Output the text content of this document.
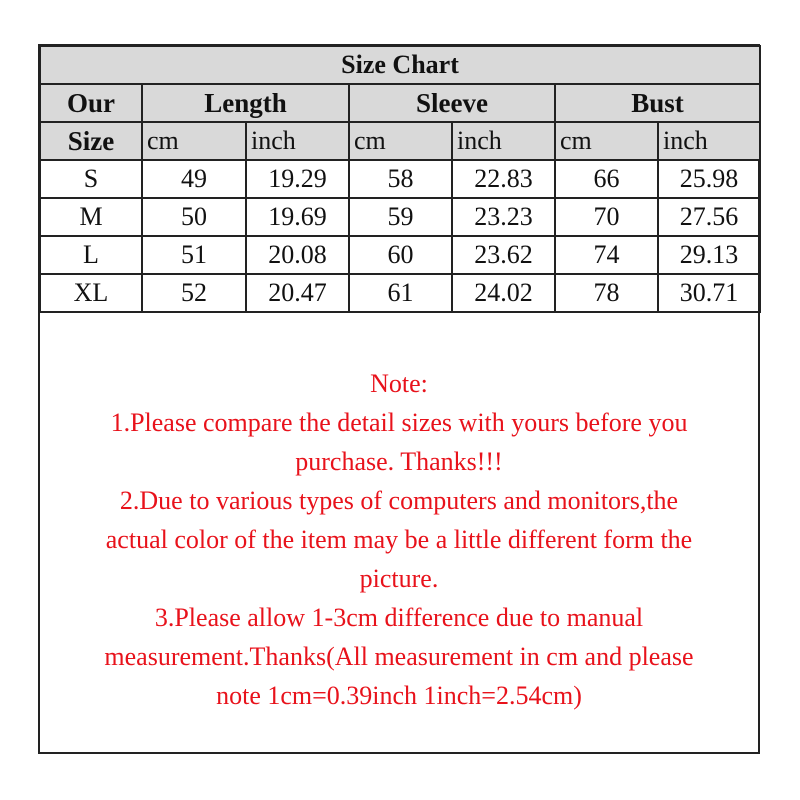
Size Chart						
Our	Length		Sleeve		Bust	
Size	cm	inch	cm	inch	cm	inch
S	49	19.29	58	22.83	66	25.98
M	50	19.69	59	23.23	70	27.56
L	51	20.08	60	23.62	74	29.13
XL	52	20.47	61	24.02	78	30.71
Note:
1.Please compare the detail sizes with yours before you
purchase. Thanks!!!
2.Due to various types of computers and monitors,the
actual color of the item may be a little different form the
picture.
3.Please allow 1-3cm difference due to manual
measurement.Thanks(All measurement in cm and please
note 1cm=0.39inch 1inch=2.54cm)
